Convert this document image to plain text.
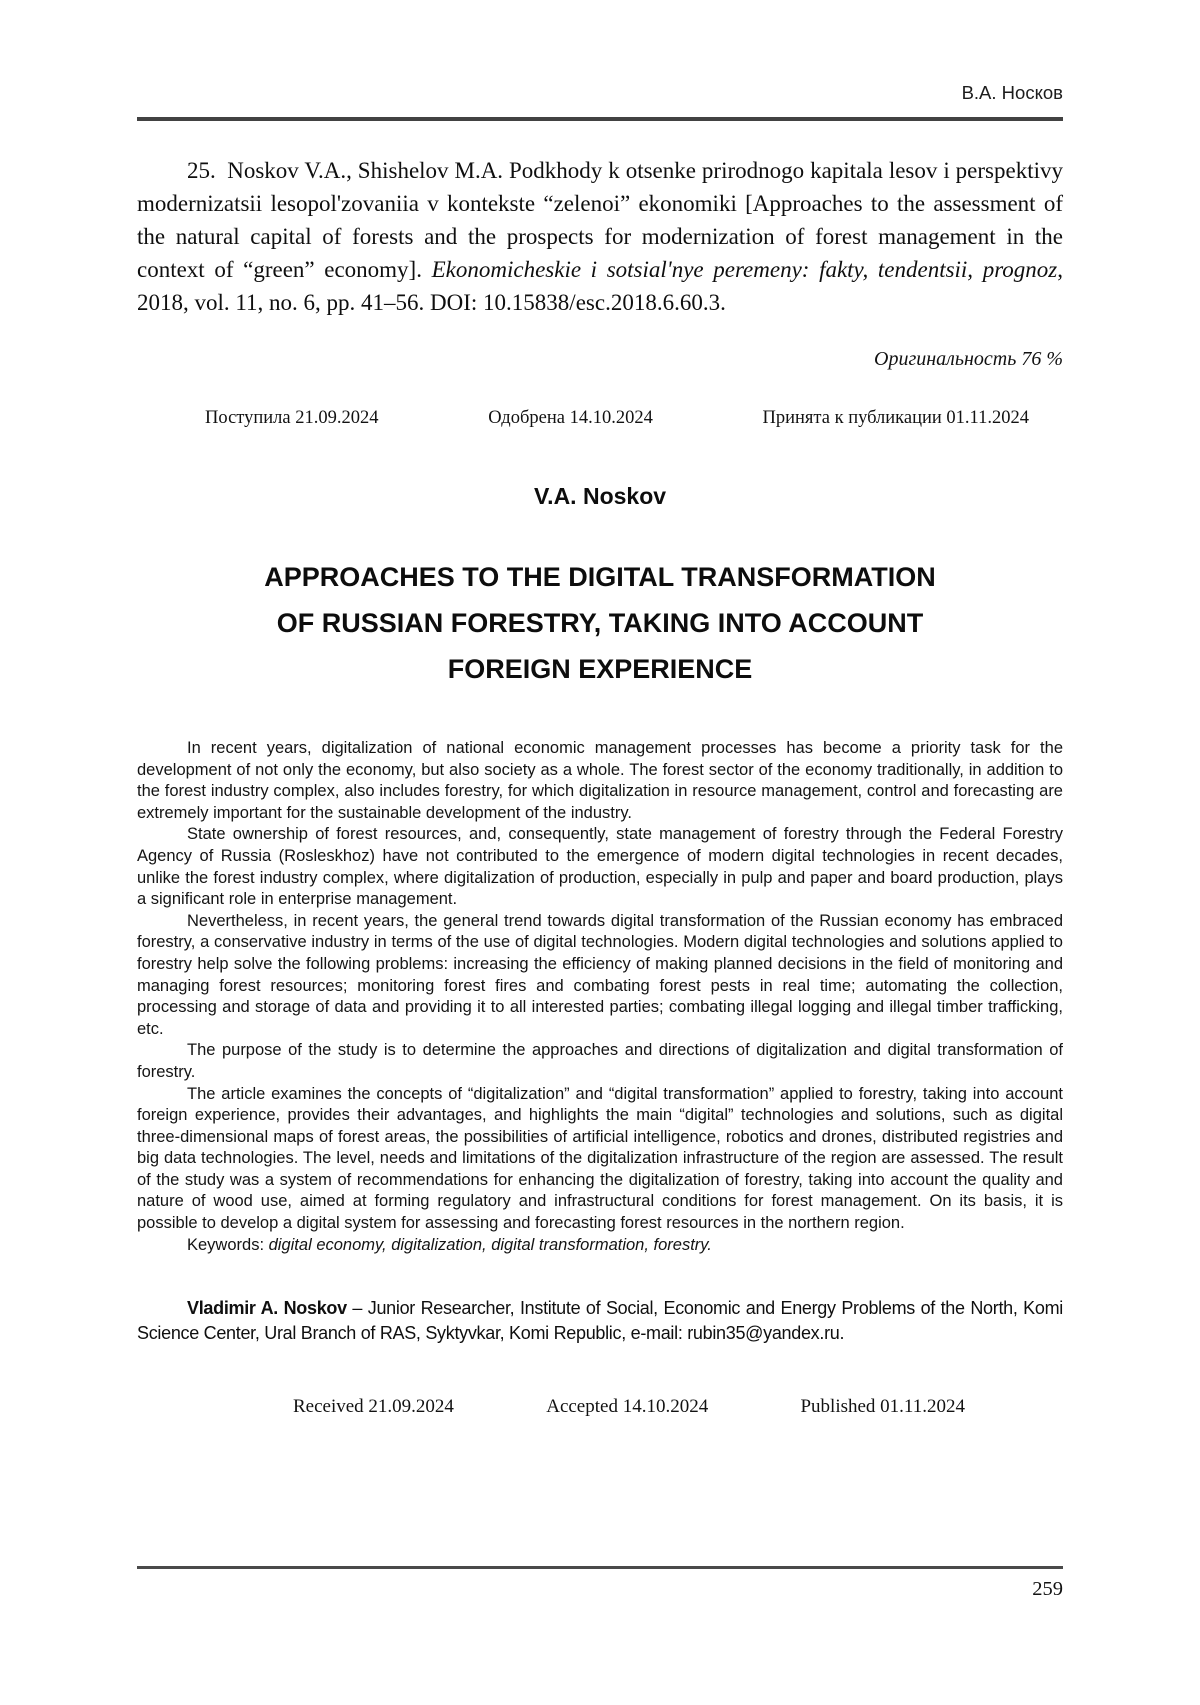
В.А. Носков

25. Noskov V.A., Shishelov M.A. Podkhody k otsenke prirodnogo kapitala lesov i perspektivy modernizatsii lesopol'zovaniia v kontekste “zelenoi” ekonomiki [Approaches to the assessment of the natural capital of forests and the prospects for modernization of forest management in the context of “green” economy]. Ekonomicheskie i sotsial'nye peremeny: fakty, tendentsii, prognoz, 2018, vol. 11, no. 6, pp. 41–56. DOI: 10.15838/esc.2018.6.60.3.

Оригинальность 76 %
Поступила 21.09.2024	Одобрена 14.10.2024	Принята к публикации 01.11.2024
V.A. Noskov
APPROACHES TO THE DIGITAL TRANSFORMATION
OF RUSSIAN FORESTRY, TAKING INTO ACCOUNT
FOREIGN EXPERIENCE

In recent years, digitalization of national economic management processes has become a priority task for the development of not only the economy, but also society as a whole. The forest sector of the economy traditionally, in addition to the forest industry complex, also includes forestry, for which digitalization in resource management, control and forecasting are extremely important for the sustainable development of the industry.

State ownership of forest resources, and, consequently, state management of forestry through the Federal Forestry Agency of Russia (Rosleskhoz) have not contributed to the emergence of modern digital technologies in recent decades, unlike the forest industry complex, where digitalization of production, especially in pulp and paper and board production, plays a significant role in enterprise management.

Nevertheless, in recent years, the general trend towards digital transformation of the Russian economy has embraced forestry, a conservative industry in terms of the use of digital technologies. Modern digital technologies and solutions applied to forestry help solve the following problems: increasing the efficiency of making planned decisions in the field of monitoring and managing forest resources; monitoring forest fires and combating forest pests in real time; automating the collection, processing and storage of data and providing it to all interested parties; combating illegal logging and illegal timber trafficking, etc.

The purpose of the study is to determine the approaches and directions of digitalization and digital transformation of forestry.

The article examines the concepts of “digitalization” and “digital transformation” applied to forestry, taking into account foreign experience, provides their advantages, and highlights the main “digital” technologies and solutions, such as digital three-dimensional maps of forest areas, the possibilities of artificial intelligence, robotics and drones, distributed registries and big data technologies. The level, needs and limitations of the digitalization infrastructure of the region are assessed. The result of the study was a system of recommendations for enhancing the digitalization of forestry, taking into account the quality and nature of wood use, aimed at forming regulatory and infrastructural conditions for forest management. On its basis, it is possible to develop a digital system for assessing and forecasting forest resources in the northern region.

Keywords: digital economy, digitalization, digital transformation, forestry.

Vladimir A. Noskov – Junior Researcher, Institute of Social, Economic and Energy Problems of the North, Komi Science Center, Ural Branch of RAS, Syktyvkar, Komi Republic, e-mail: rubin35@yandex.ru.

Received 21.09.2024	Accepted 14.10.2024	Published 01.11.2024
259
